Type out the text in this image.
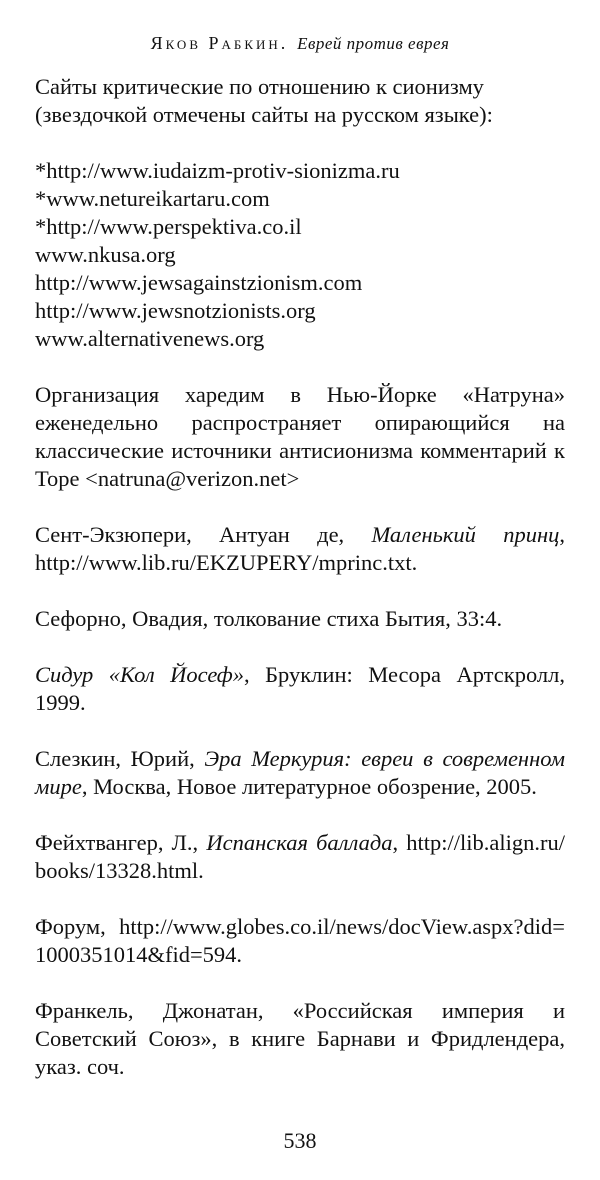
Яков Рабкин. Еврей против еврея

Сайты критические по отношению к сионизму
(звездочкой отмечены сайты на русском языке):

*http://www.iudaizm-protiv-sionizma.ru
*www.netureikartaru.com
*http://www.perspektiva.co.il
www.nkusa.org
http://www.jewsagainstzionism.com
http://www.jewsnotzionists.org
www.alternativenews.org

Организация харедим в Нью-Йорке «Натруна» еженедельно распространяет опирающийся на классические источники антисионизма комментарий к Торе <natruna@verizon.net>

Сент-Экзюпери, Антуан де, Маленький принц, http://www.lib.ru/EKZUPERY/mprinc.txt.

Сефорно, Овадия, толкование стиха Бытия, 33:4.

Сидур «Кол Йосеф», Бруклин: Месора Артскролл, 1999.

Слезкин, Юрий, Эра Меркурия: евреи в современном мире, Москва, Новое литературное обозрение, 2005.

Фейхтвангер, Л., Испанская баллада, http://lib.align.ru/books/13328.html.

Форум, http://www.globes.co.il/news/docView.aspx?did=1000351014&fid=594.

Франкель, Джонатан, «Российская империя и Советский Союз», в книге Барнави и Фридлендера, указ. соч.

538
